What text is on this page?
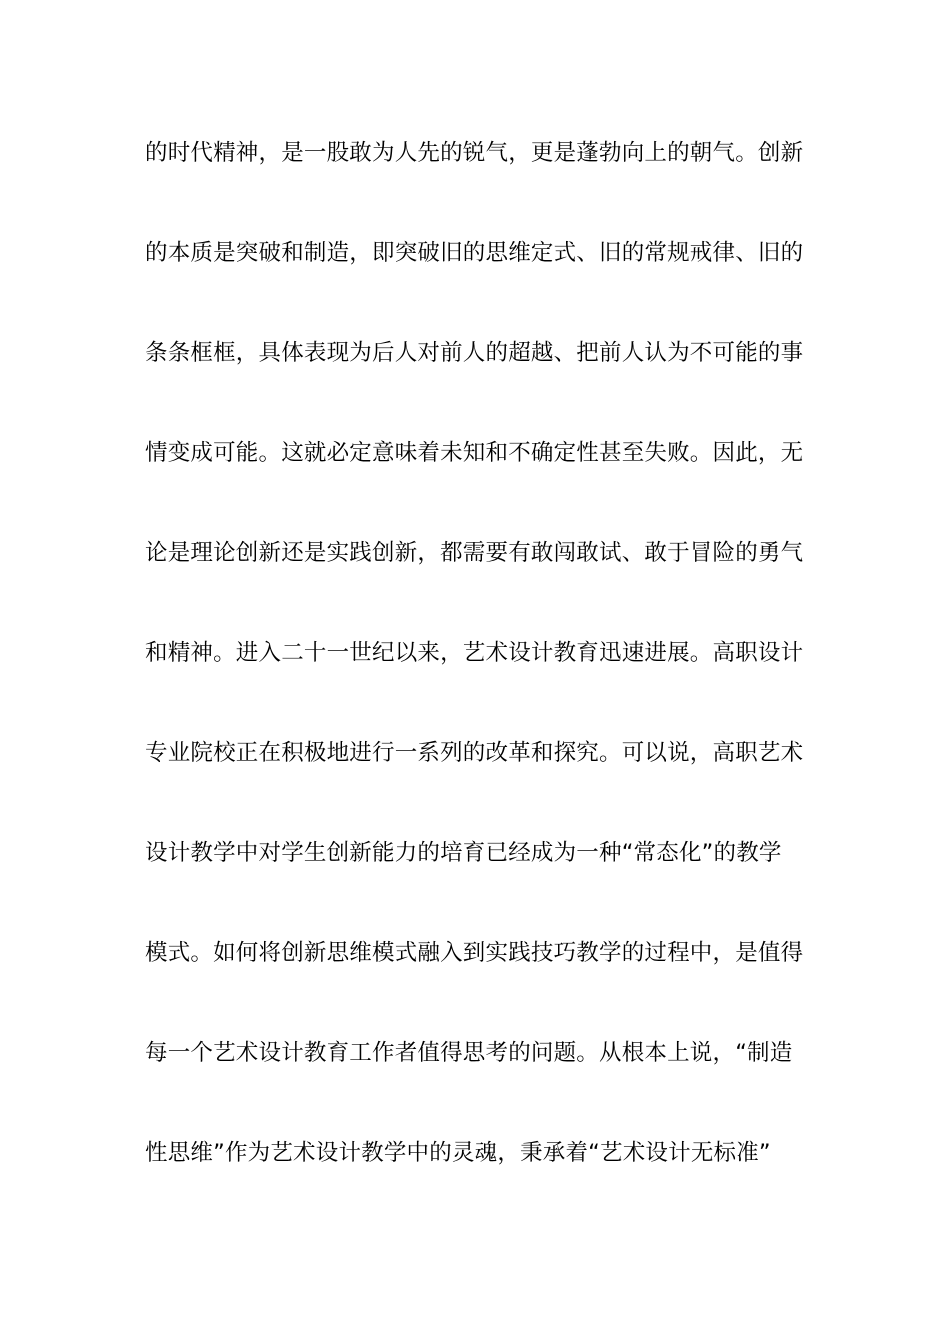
的时代精神，是一股敢为人先的锐气，更是蓬勃向上的朝气。创新
的本质是突破和制造，即突破旧的思维定式、旧的常规戒律、旧的
条条框框，具体表现为后人对前人的超越、把前人认为不可能的事
情变成可能。这就必定意味着未知和不确定性甚至失败。因此，无
论是理论创新还是实践创新，都需要有敢闯敢试、敢于冒险的勇气
和精神。进入二十一世纪以来，艺术设计教育迅速进展。高职设计
专业院校正在积极地进行一系列的改革和探究。可以说，高职艺术
设计教学中对学生创新能力的培育已经成为一种“常态化”的教学
模式。如何将创新思维模式融入到实践技巧教学的过程中，是值得
每一个艺术设计教育工作者值得思考的问题。从根本上说，“制造
性思维”作为艺术设计教学中的灵魂，秉承着“艺术设计无标准”
